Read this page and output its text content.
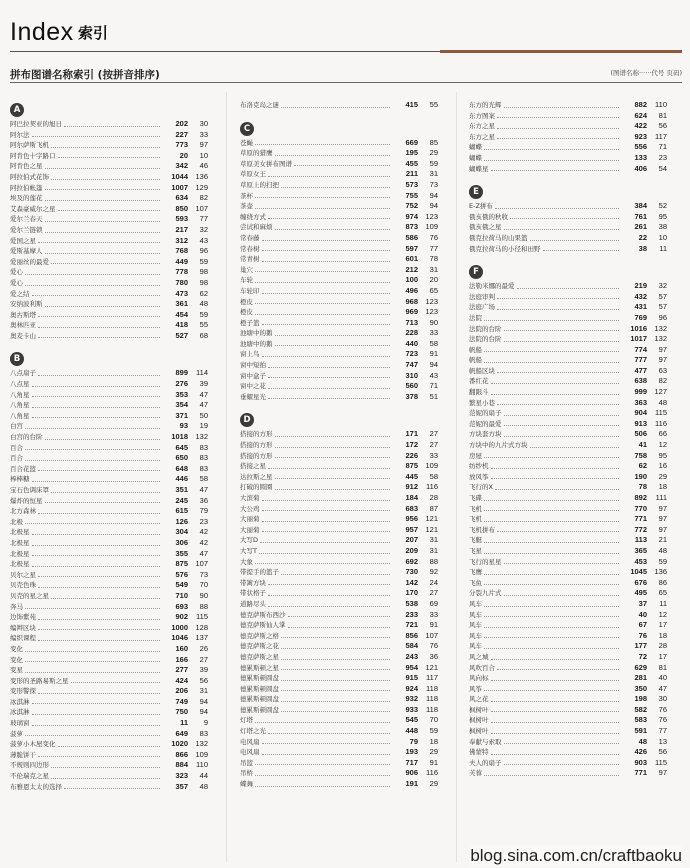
Index 索引
拼布图谱名称索引 (按拼音排序)	(图谱名称······代号 页码)
A
阿巴拉契亚的旭日	202	30
阿尔法	227	33
阿尔萨斯飞机	773	97
阿肯色十字路口	20	10
阿肯色之星	342	46
阿拉伯式花饰	1044 136
阿拉伯帐篷	1007 129
埃及的莲花	634	82
艾森豪威尔之星	850 107
爱尔兰春天	593	77
爱尔兰链锁	217	32
爱国之星	312	43
爱斯基摩人	768	96
爱丽丝的最爱	449	59
爱心	778	98
爱心	780	98
爱之结	473	62
安纳波利斯	361	48
奥古斯塔	454	59
奥林匹亚	418	55
奥麦卡山	527	68
B
八点扇子	899	114
八点星	276	39
八角星	353	47
八角星	354	47
八角星	371	50
白宫	93	19
白宫的台阶	1018 132
百合	645	83
百合	650	83
百合花篮	648	83
棒棒糖	446	58
宝石色调床罩	351	47
爆炸的恒星	245	36
北方森林	615	79
北极	126	23
北极星	304	42
北极星	306	42
北极星	355	47
北极星	875 107
贝尔之星	576	73
贝壳色珠	549	70
贝壳的星之星	710	90
奔马	693	88
边饰紫苑	902	115
编辫区块	1000 128
编织课程	1046 137
变化	160	26
变化	166	27
变星	277	39
变形的圣路易斯之星	424	56
变形警探	206	31
冰淇淋	749	94
冰淇淋	750	94
玻璃窗	11	9
菠萝	649	83
菠萝小木屋变化	1020 132
薄脆饼干	866 109
不规则四边形	884	110
不伦瑞克之星	323	44
布雅恩太太的选择	357	48
布洛克岛之谜	415	55
C
苍蝇	669	85
草原的猎鹰	195	29
草原美女拼布图谱	455	59
草原女王	211	31
草原上的扫把	573	73
茶杯	755	94
茶壶	752	94
缠绕方式	974 123
尝试和麻烦	873 109
常春藤	586	76
常春树	597	77
常青树	601	78
巢穴	212	31
车轮	100	20
车轮印	496	65
橙皮	968 123
橙皮	969 123
橙子篮	713	90
池塘中的鹅	228	33
池塘中的鹅	440	58
窗上鸟	723	91
窗中短拍	747	94
窗中盒子	310	43
窗中之花	560	71
垂耀星光	378	51
D
搭接的方形	171	27
搭接的方形	172	27
搭接的方形	226	33
搭接之星	875 109
达拉斯之星	445	58
打破的圆圈	912	116
大滨菊	184	28
大公鸡	683	87
大丽菊	956 121
大丽菊	957 121
大写D	207	31
大写T	209	31
大象	692	88
带提手的篮子	730	92
带篱方块	142	24
带状格子	170	27
道路尽头	538	69
德克萨斯布西沙	233	33
德克萨斯仙人掌	721	91
德克萨斯之格	856 107
德克萨斯之花	584	76
德克萨斯之星	243	36
德累斯顿之星	954 121
德累斯顿圆盘	915	117
德累斯顿圆盘	924	118
德累斯顿圆盘	932	118
德累斯顿圆盘	933	118
灯塔	545	70
灯塔之光	448	59
电风扇	79	18
电风扇	193	29
吊篮	717	91
吊桥	906	116
蝶舞	191	29
东方的光辉	882	110
东方图案	624	81
东方之星	422	56
东方之星	923	117
蝴蝶	556	71
蝴蝶	133	23
蝴蝶星	406	54
E
E-Z拼布	384	52
俄亥俄的秋收	761	95
俄亥俄之星	261	38
俄克拉荷马的山果篮	22	10
俄克拉荷马的小径和田野	38	11
F
法勒米娜的最爱	219	32
法庭审判	432	57
法庭广场	431	57
法院	769	96
法院的台阶	1016 132
法院的台阶	1017 132
帆船	774	97
帆船	777	97
帆船区块	477	63
番红花	638	82
翻跟斗	999 127
繁星小巷	363	48
范妮的扇子	904	115
范妮的最爱	913	116
方块套方块	506	66
方块中的九片式方块	41	12
房屋	758	95
纺纱机	62	16
放风筝	190	29
飞行的X	78	18
飞碟	892	111
飞机	770	97
飞机	771	97
飞机拼布	772	97
飞艇	113	21
飞星	365	48
飞行的星星	453	59
飞鹰	1045 136
飞鱼	676	86
分裂九片式	495	65
风车	37	11
风车	40	12
风车	67	17
风车	76	18
风车	177	28
风之城	72	17
风吹百合	629	81
风向标	281	40
风筝	350	47
风之花	198	30
枫树叶	582	76
枫树叶	583	76
枫树叶	591	77
奉献与索取	48	13
佛蒙特	426	56
夫人的扇子	903	115
芙蓉	771	97
blog.sina.com.cn/craftbaoku
